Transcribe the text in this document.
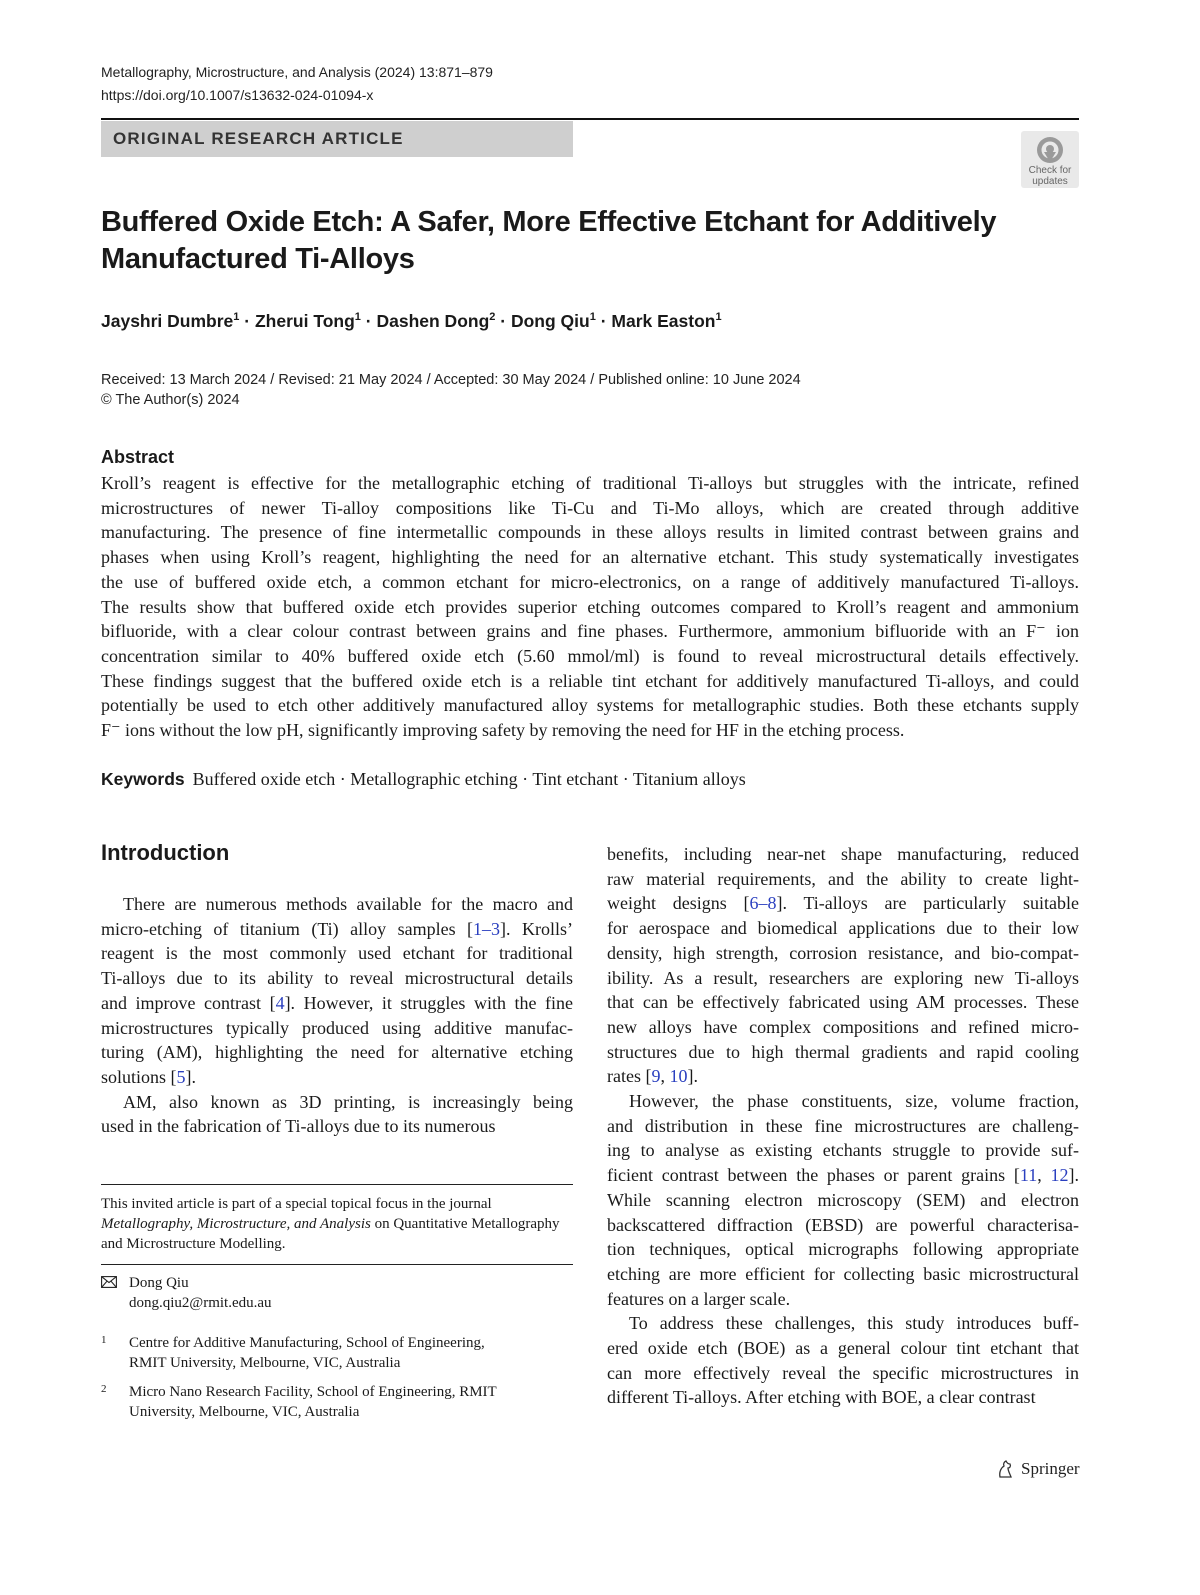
Metallography, Microstructure, and Analysis (2024) 13:871–879
https://doi.org/10.1007/s13632-024-01094-x
ORIGINAL RESEARCH ARTICLE
Check for
updates
Buffered Oxide Etch: A Safer, More Effective Etchant for Additively
Manufactured Ti-Alloys
Jayshri Dumbre$^1$ · Zherui Tong$^1$ · Dashen Dong$^2$ · Dong Qiu$^1$ · Mark Easton$^1$
Received: 13 March 2024 / Revised: 21 May 2024 / Accepted: 30 May 2024 / Published online: 10 June 2024
© The Author(s) 2024
Abstract
Kroll’s reagent is effective for the metallographic etching of traditional Ti-alloys but struggles with the intricate, refined
microstructures of newer Ti-alloy compositions like Ti-Cu and Ti-Mo alloys, which are created through additive
manufacturing. The presence of fine intermetallic compounds in these alloys results in limited contrast between grains and
phases when using Kroll’s reagent, highlighting the need for an alternative etchant. This study systematically investigates
the use of buffered oxide etch, a common etchant for micro-electronics, on a range of additively manufactured Ti-alloys.
The results show that buffered oxide etch provides superior etching outcomes compared to Kroll’s reagent and ammonium
bifluoride, with a clear colour contrast between grains and fine phases. Furthermore, ammonium bifluoride with an F⁻ ion
concentration similar to 40% buffered oxide etch (5.60 mmol/ml) is found to reveal microstructural details effectively.
These findings suggest that the buffered oxide etch is a reliable tint etchant for additively manufactured Ti-alloys, and could
potentially be used to etch other additively manufactured alloy systems for metallographic studies. Both these etchants supply
F⁻ ions without the low pH, significantly improving safety by removing the need for HF in the etching process.
Keywords Buffered oxide etch · Metallographic etching · Tint etchant · Titanium alloys
Introduction
There are numerous methods available for the macro and
micro-etching of titanium (Ti) alloy samples [1–3]. Krolls’
reagent is the most commonly used etchant for traditional
Ti-alloys due to its ability to reveal microstructural details
and improve contrast [4]. However, it struggles with the fine
microstructures typically produced using additive manufac-
turing (AM), highlighting the need for alternative etching
solutions [5].
AM, also known as 3D printing, is increasingly being
used in the fabrication of Ti-alloys due to its numerous
benefits, including near-net shape manufacturing, reduced
raw material requirements, and the ability to create light-
weight designs [6–8]. Ti-alloys are particularly suitable
for aerospace and biomedical applications due to their low
density, high strength, corrosion resistance, and bio-compat-
ibility. As a result, researchers are exploring new Ti-alloys
that can be effectively fabricated using AM processes. These
new alloys have complex compositions and refined micro-
structures due to high thermal gradients and rapid cooling
rates [9, 10].
However, the phase constituents, size, volume fraction,
and distribution in these fine microstructures are challeng-
ing to analyse as existing etchants struggle to provide suf-
ficient contrast between the phases or parent grains [11, 12].
While scanning electron microscopy (SEM) and electron
backscattered diffraction (EBSD) are powerful characterisa-
tion techniques, optical micrographs following appropriate
etching are more efficient for collecting basic microstructural
features on a larger scale.
To address these challenges, this study introduces buff-
ered oxide etch (BOE) as a general colour tint etchant that
can more effectively reveal the specific microstructures in
different Ti-alloys. After etching with BOE, a clear contrast
This invited article is part of a special topical focus in the journal Metallography, Microstructure, and Analysis on Quantitative Metallography and Microstructure Modelling.
Dong Qiu
dong.qiu2@rmit.edu.au
1 Centre for Additive Manufacturing, School of Engineering,
RMIT University, Melbourne, VIC, Australia
2 Micro Nano Research Facility, School of Engineering, RMIT
University, Melbourne, VIC, Australia
Springer
